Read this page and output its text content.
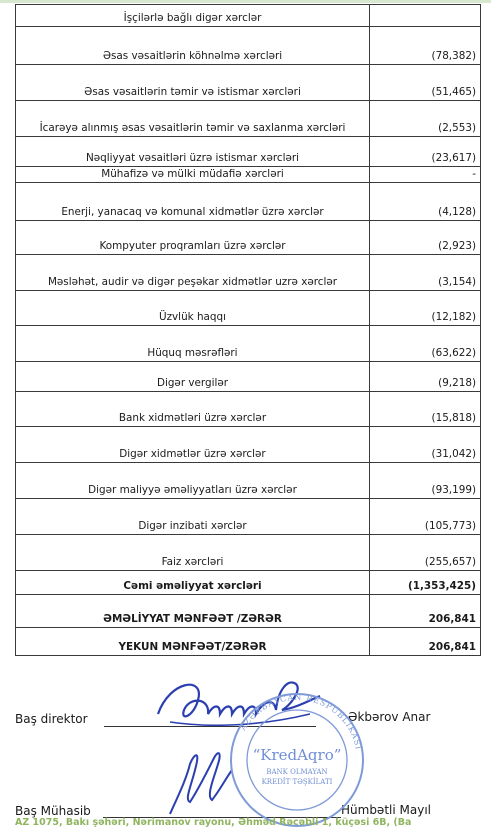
İşçilərlə bağlı digər xərclər	
Əsas vəsaitlərin köhnəlmə xərcləri	(78,382)
Əsas vəsaitlərin təmir və istismar xərcləri	(51,465)
İcarəyə alınmış əsas vəsaitlərin təmir və saxlanma xərcləri	(2,553)
Nəqliyyat vəsaitləri üzrə istismar xərcləri	(23,617)
Mühafizə və mülki müdafiə xərcləri	-
Enerji, yanacaq və komunal xidmətlər üzrə xərclər	(4,128)
Kompyuter proqramları üzrə xərclər	(2,923)
Məsləhət, audir və digər peşəkar xidmətlər uzrə xərclər	(3,154)
Üzvlük haqqı	(12,182)
Hüquq məsrəfləri	(63,622)
Digər vergilər	(9,218)
Bank xidmətləri üzrə xərclər	(15,818)
Digər xidmətlər üzrə xərclər	(31,042)
Digər maliyyə əməliyyatları üzrə xərclər	(93,199)
Digər inzibati xərclər	(105,773)
Faiz xərcləri	(255,657)
Cəmi əməliyyat xərcləri	(1,353,425)
ƏMƏLİYYAT MƏNFƏƏT /ZƏRƏR	206,841
YEKUN MƏNFƏƏT/ZƏRƏR	206,841
Baş direktor	Əkbərov Anar
Baş Mühasib	Hümbətli Mayıl
AZƏRBAYCAN RESPUBLİKASI
“KredAqro”
BANK OLMAYAN
KREDİT TƏŞKİLATI
AZ 1075, Bakı şəhəri, Nərimanov rayonu, Əhməd Rəcəbli 1, küçəsi 6B, (Ba
